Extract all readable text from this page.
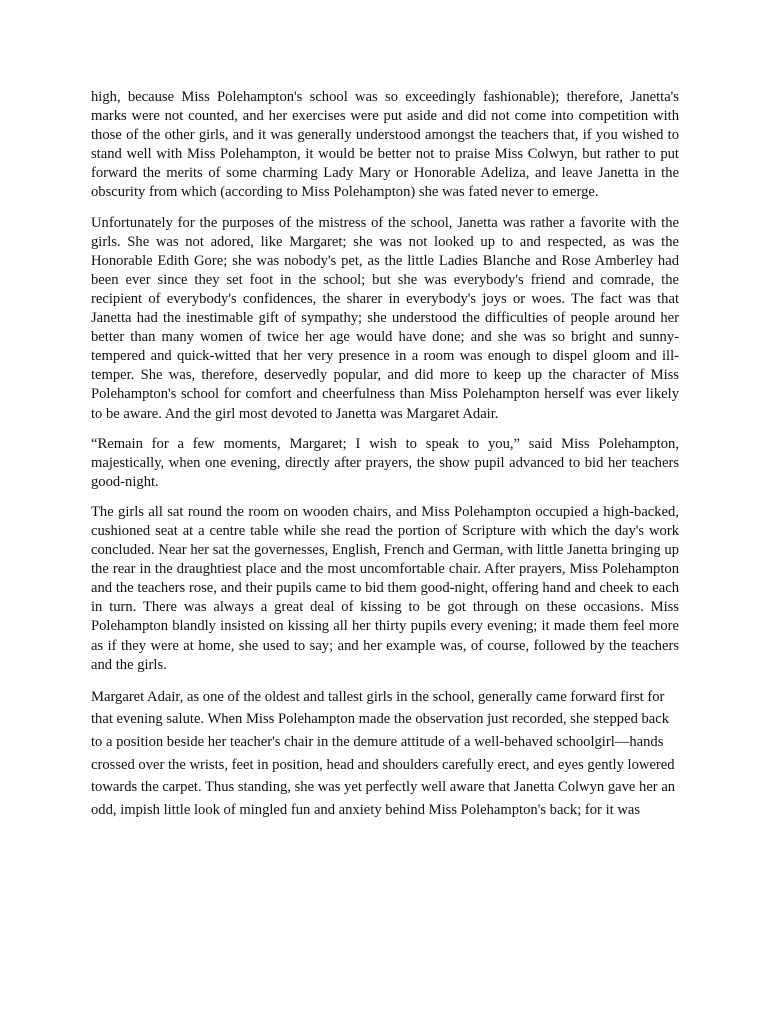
high, because Miss Polehampton's school was so exceedingly fashionable); therefore, Janetta's marks were not counted, and her exercises were put aside and did not come into competition with those of the other girls, and it was generally understood amongst the teachers that, if you wished to stand well with Miss Polehampton, it would be better not to praise Miss Colwyn, but rather to put forward the merits of some charming Lady Mary or Honorable Adeliza, and leave Janetta in the obscurity from which (according to Miss Polehampton) she was fated never to emerge.

Unfortunately for the purposes of the mistress of the school, Janetta was rather a favorite with the girls. She was not adored, like Margaret; she was not looked up to and respected, as was the Honorable Edith Gore; she was nobody's pet, as the little Ladies Blanche and Rose Amberley had been ever since they set foot in the school; but she was everybody's friend and comrade, the recipient of everybody's confidences, the sharer in everybody's joys or woes. The fact was that Janetta had the inestimable gift of sympathy; she understood the difficulties of people around her better than many women of twice her age would have done; and she was so bright and sunny-tempered and quick-witted that her very presence in a room was enough to dispel gloom and ill-temper. She was, therefore, deservedly popular, and did more to keep up the character of Miss Polehampton's school for comfort and cheerfulness than Miss Polehampton herself was ever likely to be aware. And the girl most devoted to Janetta was Margaret Adair.

“Remain for a few moments, Margaret; I wish to speak to you,” said Miss Polehampton, majestically, when one evening, directly after prayers, the show pupil advanced to bid her teachers good-night.

The girls all sat round the room on wooden chairs, and Miss Polehampton occupied a high-backed, cushioned seat at a centre table while she read the portion of Scripture with which the day's work concluded. Near her sat the governesses, English, French and German, with little Janetta bringing up the rear in the draughtiest place and the most uncomfortable chair. After prayers, Miss Polehampton and the teachers rose, and their pupils came to bid them good-night, offering hand and cheek to each in turn. There was always a great deal of kissing to be got through on these occasions. Miss Polehampton blandly insisted on kissing all her thirty pupils every evening; it made them feel more as if they were at home, she used to say; and her example was, of course, followed by the teachers and the girls.

Margaret Adair, as one of the oldest and tallest girls in the school, generally came forward first for that evening salute. When Miss Polehampton made the observation just recorded, she stepped back to a position beside her teacher's chair in the demure attitude of a well-behaved schoolgirl—hands crossed over the wrists, feet in position, head and shoulders carefully erect, and eyes gently lowered towards the carpet. Thus standing, she was yet perfectly well aware that Janetta Colwyn gave her an odd, impish little look of mingled fun and anxiety behind Miss Polehampton's back; for it was
